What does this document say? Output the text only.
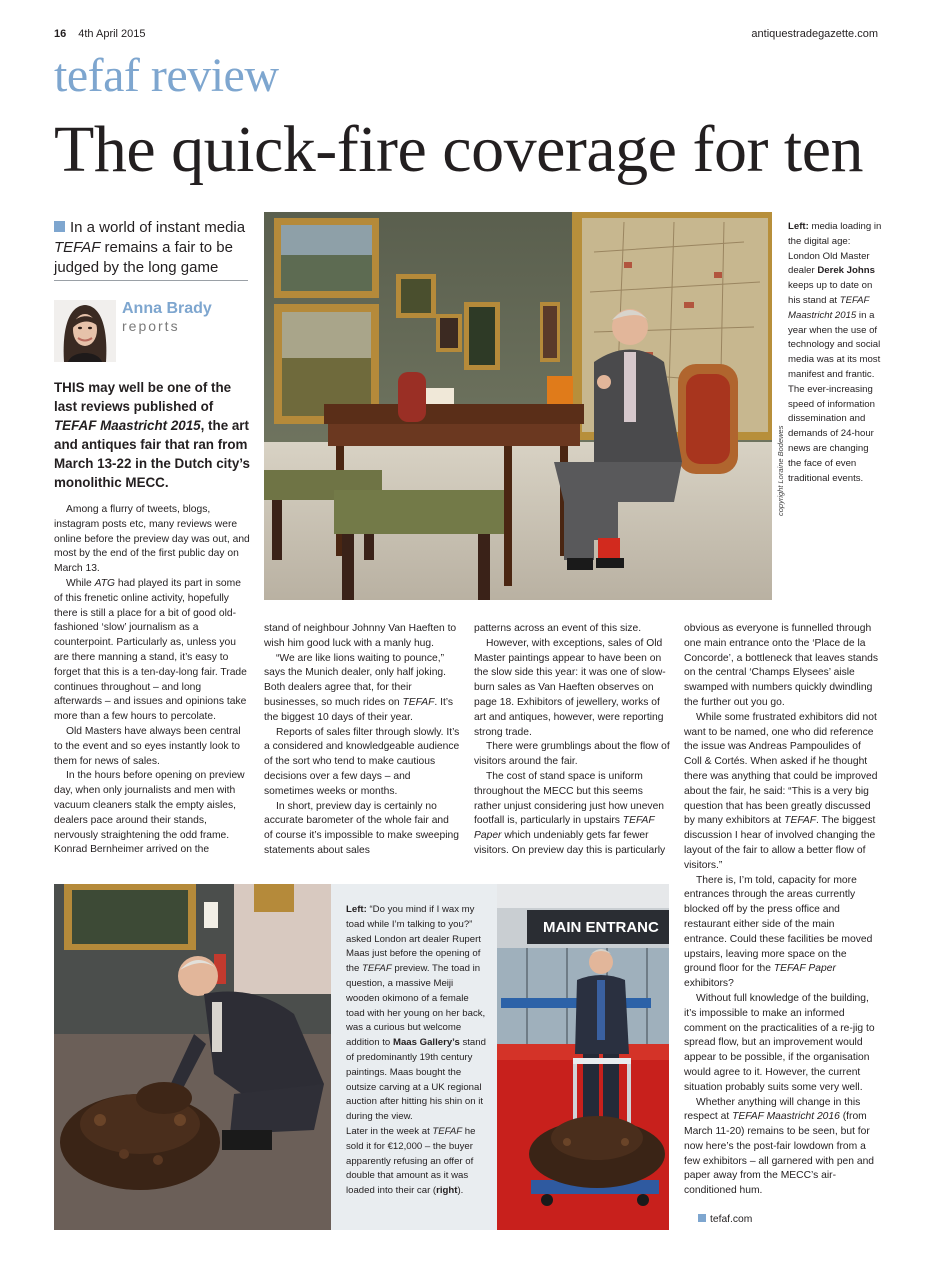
16 4th April 2015	antiquestradegazette.com
tefaf review
The quick-fire coverage for ten
In a world of instant media TEFAF remains a fair to be judged by the long game
Anna Brady
reports
THIS may well be one of the last reviews published of TEFAF Maastricht 2015, the art and antiques fair that ran from March 13-22 in the Dutch city’s monolithic MECC.

Among a flurry of tweets, blogs, instagram posts etc, many reviews were online before the preview day was out, and most by the end of the first public day on March 13.

While ATG had played its part in some of this frenetic online activity, hopefully there is still a place for a bit of good old-fashioned ‘slow’ journalism as a counterpoint. Particularly as, unless you are there manning a stand, it’s easy to forget that this is a ten-day-long fair. Trade continues throughout – and long afterwards – and issues and opinions take more than a few hours to percolate.

Old Masters have always been central to the event and so eyes instantly look to them for news of sales.

In the hours before opening on preview day, when only journalists and men with vacuum cleaners stalk the empty aisles, dealers pace around their stands, nervously straightening the odd frame. Konrad Bernheimer arrived on the

stand of neighbour Johnny Van Haeften to wish him good luck with a manly hug.

“We are like lions waiting to pounce,” says the Munich dealer, only half joking. Both dealers agree that, for their businesses, so much rides on TEFAF. It’s the biggest 10 days of their year.

Reports of sales filter through slowly. It’s a considered and knowledgeable audience of the sort who tend to make cautious decisions over a few days – and sometimes weeks or months.

In short, preview day is certainly no accurate barometer of the whole fair and of course it’s impossible to make sweeping statements about sales

patterns across an event of this size.

However, with exceptions, sales of Old Master paintings appear to have been on the slow side this year: it was one of slow-burn sales as Van Haeften observes on page 18. Exhibitors of jewellery, works of art and antiques, however, were reporting strong trade.

There were grumblings about the flow of visitors around the fair.

The cost of stand space is uniform throughout the MECC but this seems rather unjust considering just how uneven footfall is, particularly in upstairs TEFAF Paper which undeniably gets far fewer visitors. On preview day this is particularly

obvious as everyone is funnelled through one main entrance onto the ‘Place de la Concorde’, a bottleneck that leaves stands on the central ‘Champs Elysees’ aisle swamped with numbers quickly dwindling the further out you go.

While some frustrated exhibitors did not want to be named, one who did reference the issue was Andreas Pampoulides of Coll & Cortés. When asked if he thought there was anything that could be improved about the fair, he said: “This is a very big question that has been greatly discussed by many exhibitors at TEFAF. The biggest discussion I hear of involved changing the layout of the fair to allow a better flow of visitors.”

There is, I’m told, capacity for more entrances through the areas currently blocked off by the press office and restaurant either side of the main entrance. Could these facilities be moved upstairs, leaving more space on the ground floor for the TEFAF Paper exhibitors?

Without full knowledge of the building, it’s impossible to make an informed comment on the practicalities of a re-jig to spread flow, but an improvement would appear to be possible, if the organisation would agree to it. However, the current situation probably suits some very well.

Whether anything will change in this respect at TEFAF Maastricht 2016 (from March 11-20) remains to be seen, but for now here’s the post-fair lowdown from a few exhibitors – all garnered with pen and paper away from the MECC’s air-conditioned hum.

tefaf.com
copyright Loraine Bodewes
Left: media loading in the digital age: London Old Master dealer Derek Johns keeps up to date on his stand at TEFAF Maastricht 2015 in a year when the use of technology and social media was at its most manifest and frantic. The ever-increasing speed of information dissemination and demands of 24-hour news are changing the face of even traditional events.
Left: “Do you mind if I wax my toad while I’m talking to you?” asked London art dealer Rupert Maas just before the opening of the TEFAF preview. The toad in question, a massive Meiji wooden okimono of a female toad with her young on her back, was a curious but welcome addition to Maas Gallery’s stand of predominantly 19th century paintings. Maas bought the outsize carving at a UK regional auction after hitting his shin on it during the view.
Later in the week at TEFAF he sold it for €12,000 – the buyer apparently refusing an offer of double that amount as it was loaded into their car (right).
MAIN ENTRANC
